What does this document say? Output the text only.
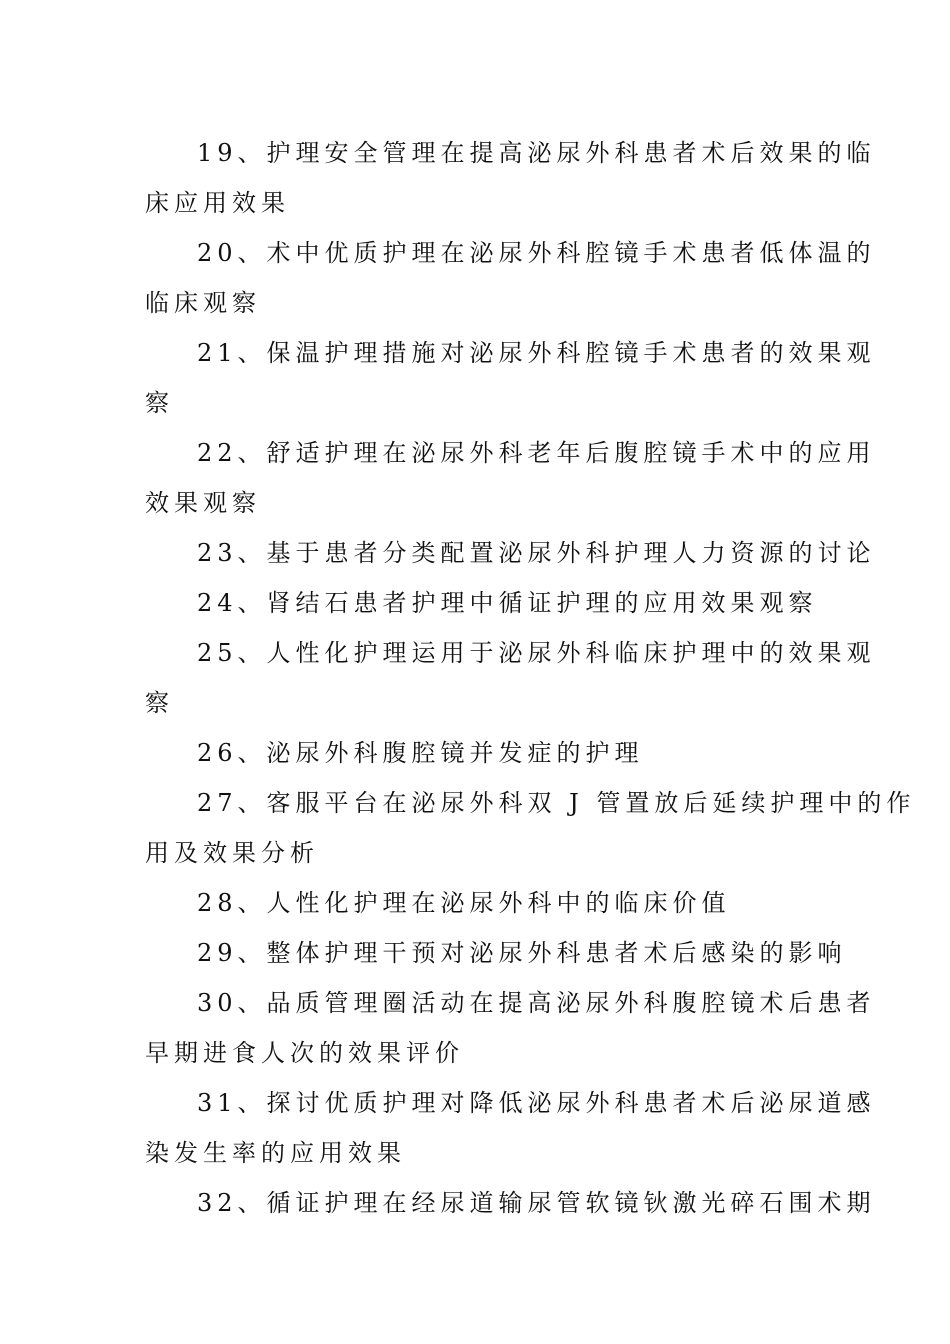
19、护理安全管理在提高泌尿外科患者术后效果的临
床应用效果
20、术中优质护理在泌尿外科腔镜手术患者低体温的
临床观察
21、保温护理措施对泌尿外科腔镜手术患者的效果观
察
22、舒适护理在泌尿外科老年后腹腔镜手术中的应用
效果观察
23、基于患者分类配置泌尿外科护理人力资源的讨论
24、肾结石患者护理中循证护理的应用效果观察
25、人性化护理运用于泌尿外科临床护理中的效果观
察
26、泌尿外科腹腔镜并发症的护理
27、客服平台在泌尿外科双 J 管置放后延续护理中的作
用及效果分析
28、人性化护理在泌尿外科中的临床价值
29、整体护理干预对泌尿外科患者术后感染的影响
30、品质管理圈活动在提高泌尿外科腹腔镜术后患者
早期进食人次的效果评价
31、探讨优质护理对降低泌尿外科患者术后泌尿道感
染发生率的应用效果
32、循证护理在经尿道输尿管软镜钬激光碎石围术期
